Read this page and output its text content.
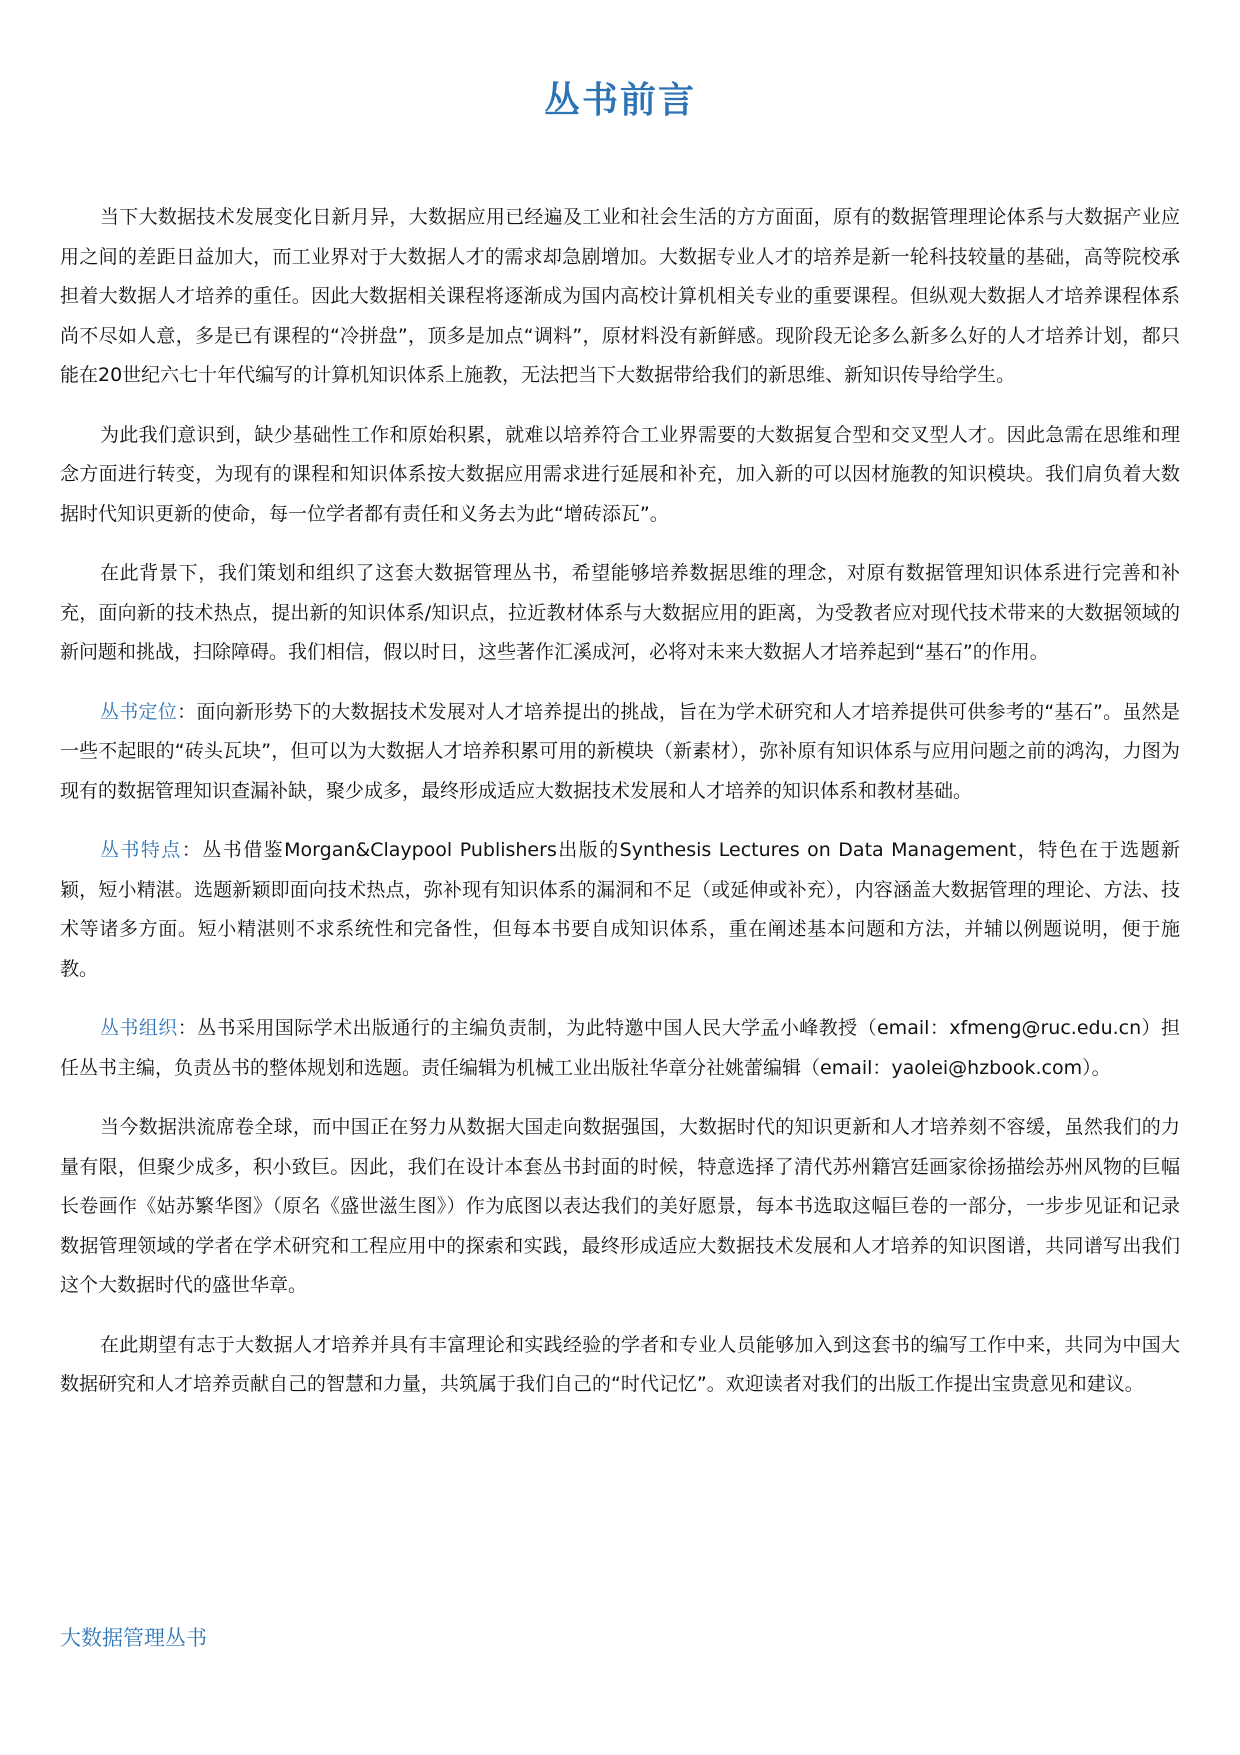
丛书前言

当下大数据技术发展变化日新月异，大数据应用已经遍及工业和社会生活的方方面面，原有的数据管理理论体系与大数据产业应用之间的差距日益加大，而工业界对于大数据人才的需求却急剧增加。大数据专业人才的培养是新一轮科技较量的基础，高等院校承担着大数据人才培养的重任。因此大数据相关课程将逐渐成为国内高校计算机相关专业的重要课程。但纵观大数据人才培养课程体系尚不尽如人意，多是已有课程的“冷拼盘”，顶多是加点“调料”，原材料没有新鲜感。现阶段无论多么新多么好的人才培养计划，都只能在20世纪六七十年代编写的计算机知识体系上施教，无法把当下大数据带给我们的新思维、新知识传导给学生。

为此我们意识到，缺少基础性工作和原始积累，就难以培养符合工业界需要的大数据复合型和交叉型人才。因此急需在思维和理念方面进行转变，为现有的课程和知识体系按大数据应用需求进行延展和补充，加入新的可以因材施教的知识模块。我们肩负着大数据时代知识更新的使命，每一位学者都有责任和义务去为此“增砖添瓦”。

在此背景下，我们策划和组织了这套大数据管理丛书，希望能够培养数据思维的理念，对原有数据管理知识体系进行完善和补充，面向新的技术热点，提出新的知识体系/知识点，拉近教材体系与大数据应用的距离，为受教者应对现代技术带来的大数据领域的新问题和挑战，扫除障碍。我们相信，假以时日，这些著作汇溪成河，必将对未来大数据人才培养起到“基石”的作用。

丛书定位：面向新形势下的大数据技术发展对人才培养提出的挑战，旨在为学术研究和人才培养提供可供参考的“基石”。虽然是一些不起眼的“砖头瓦块”，但可以为大数据人才培养积累可用的新模块（新素材），弥补原有知识体系与应用问题之前的鸿沟，力图为现有的数据管理知识查漏补缺，聚少成多，最终形成适应大数据技术发展和人才培养的知识体系和教材基础。

丛书特点：丛书借鉴Morgan&Claypool Publishers出版的Synthesis Lectures on Data Management，特色在于选题新颖，短小精湛。选题新颖即面向技术热点，弥补现有知识体系的漏洞和不足（或延伸或补充），内容涵盖大数据管理的理论、方法、技术等诸多方面。短小精湛则不求系统性和完备性，但每本书要自成知识体系，重在阐述基本问题和方法，并辅以例题说明，便于施教。

丛书组织：丛书采用国际学术出版通行的主编负责制，为此特邀中国人民大学孟小峰教授（email：xfmeng@ruc.edu.cn）担任丛书主编，负责丛书的整体规划和选题。责任编辑为机械工业出版社华章分社姚蕾编辑（email：yaolei@hzbook.com）。

当今数据洪流席卷全球，而中国正在努力从数据大国走向数据强国，大数据时代的知识更新和人才培养刻不容缓，虽然我们的力量有限，但聚少成多，积小致巨。因此，我们在设计本套丛书封面的时候，特意选择了清代苏州籍宫廷画家徐扬描绘苏州风物的巨幅长卷画作《姑苏繁华图》（原名《盛世滋生图》）作为底图以表达我们的美好愿景，每本书选取这幅巨卷的一部分，一步步见证和记录数据管理领域的学者在学术研究和工程应用中的探索和实践，最终形成适应大数据技术发展和人才培养的知识图谱，共同谱写出我们这个大数据时代的盛世华章。

在此期望有志于大数据人才培养并具有丰富理论和实践经验的学者和专业人员能够加入到这套书的编写工作中来，共同为中国大数据研究和人才培养贡献自己的智慧和力量，共筑属于我们自己的“时代记忆”。欢迎读者对我们的出版工作提出宝贵意见和建议。

大数据管理丛书
